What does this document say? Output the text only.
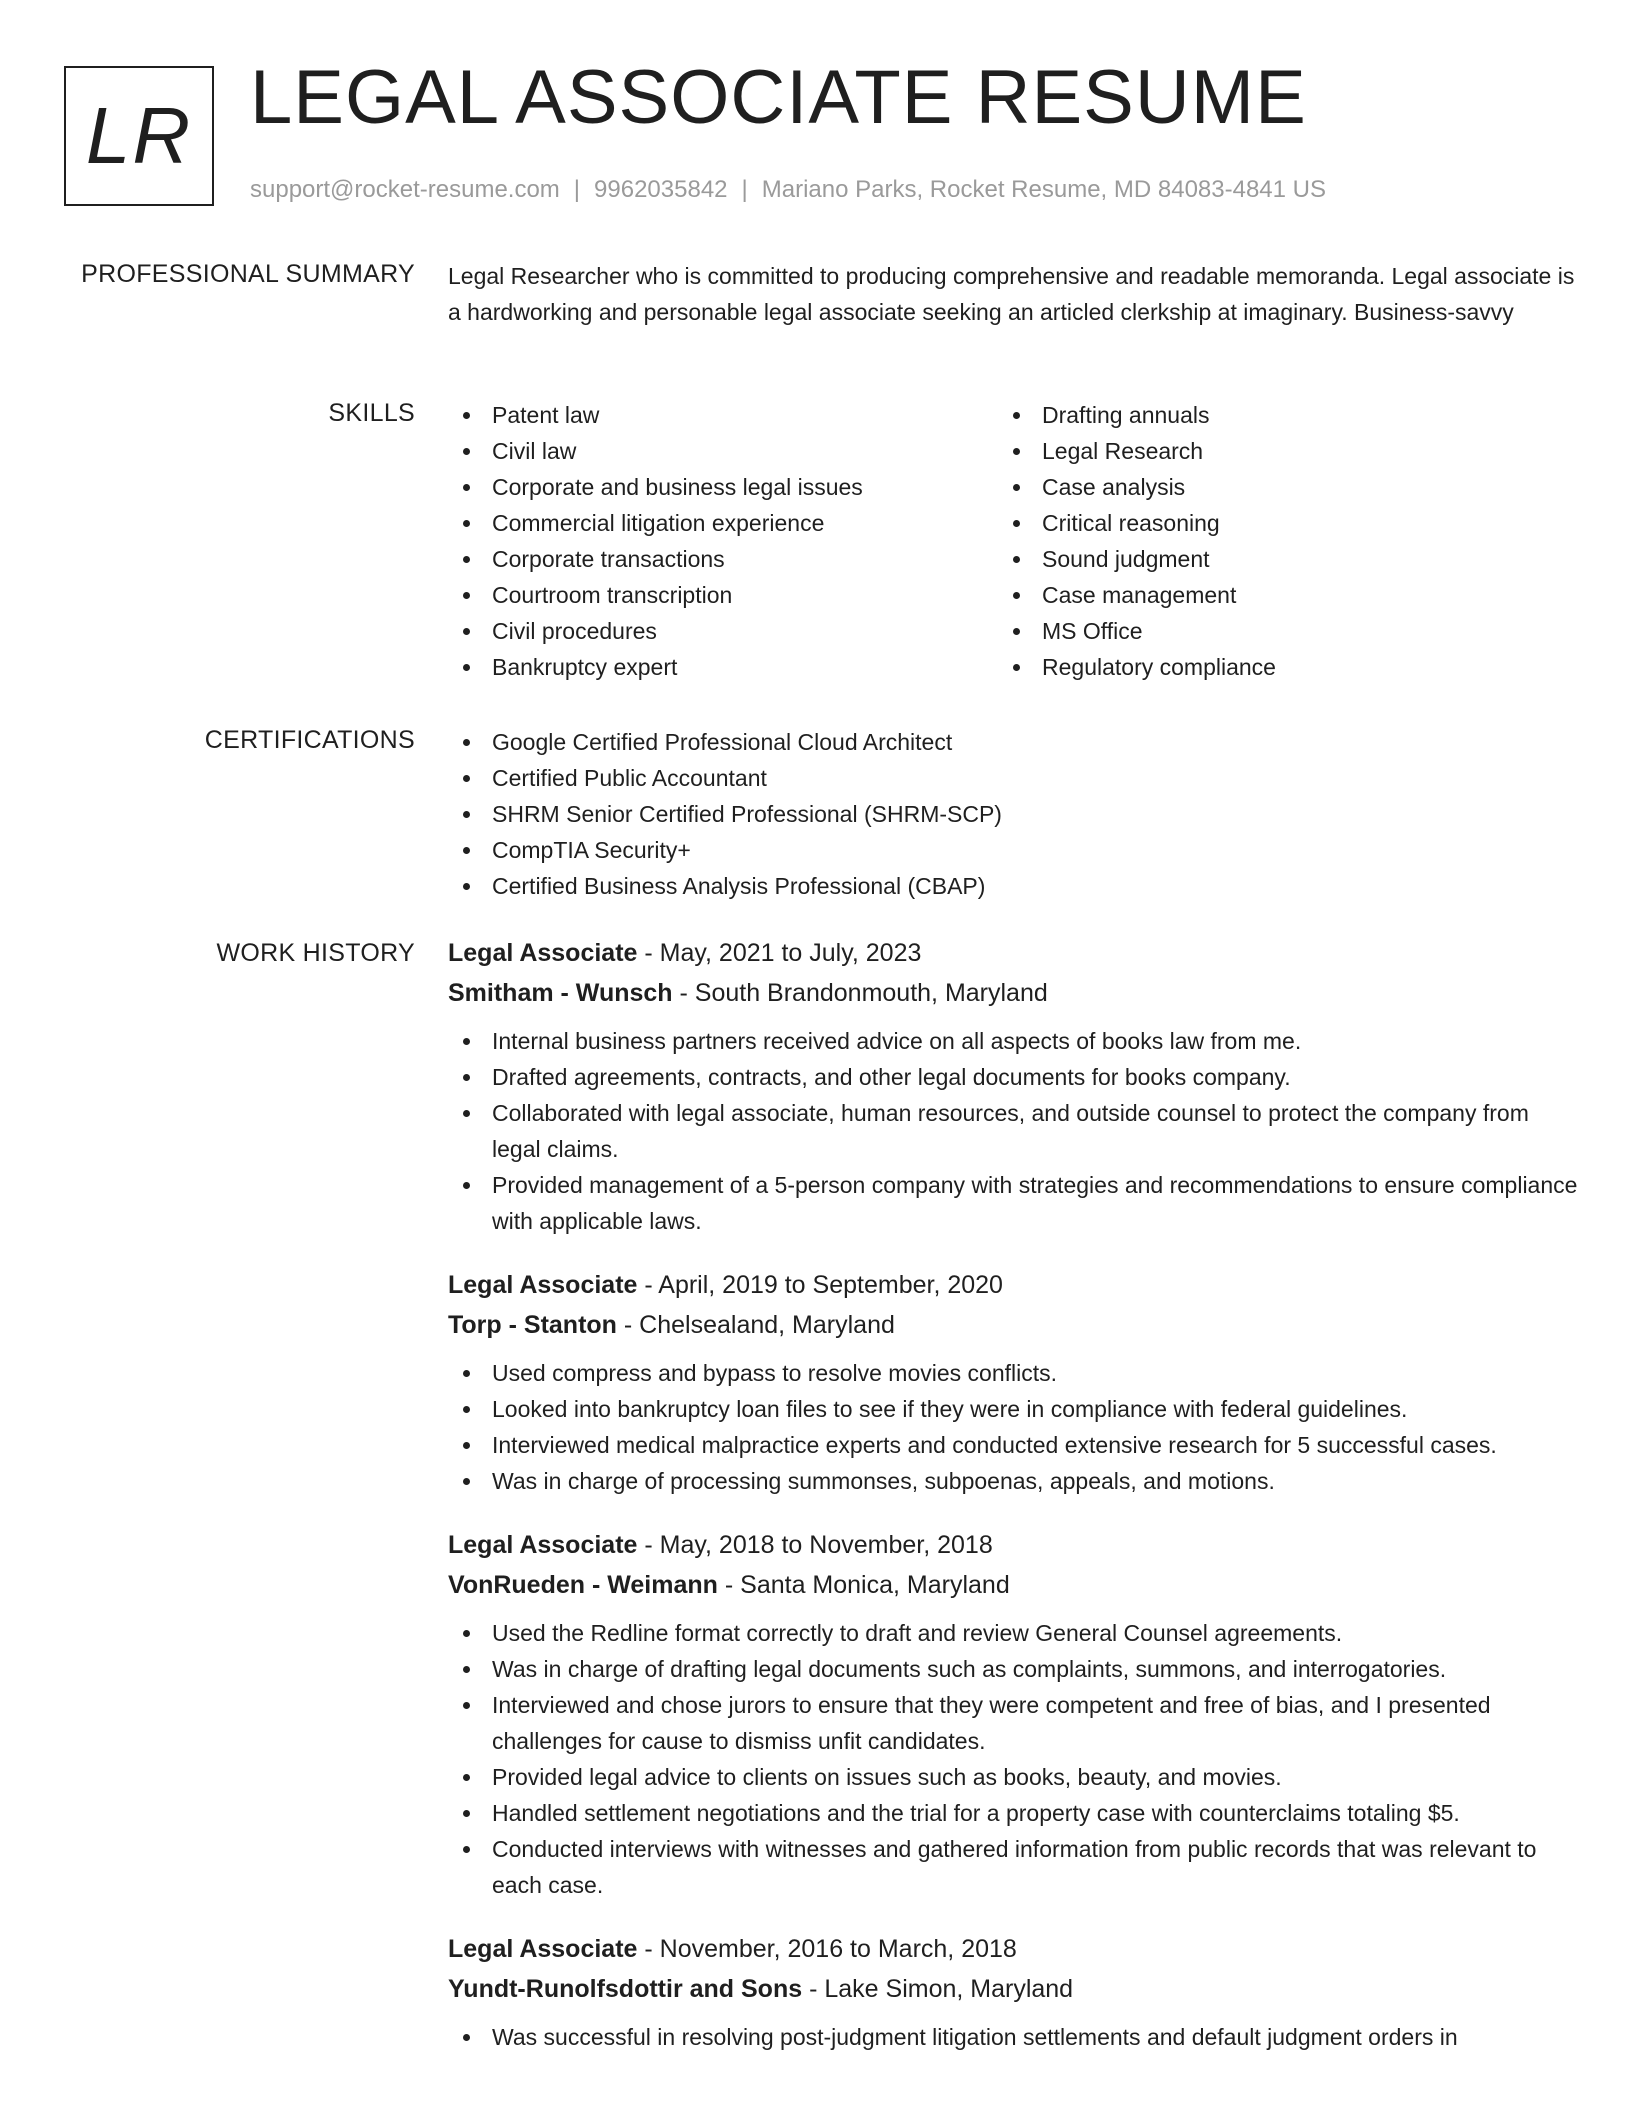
LR LEGAL ASSOCIATE RESUME
support@rocket-resume.com | 9962035842 | Mariano Parks, Rocket Resume, MD 84083-4841 US
PROFESSIONAL SUMMARY Legal Researcher who is committed to producing comprehensive and readable memoranda. Legal associate is a hardworking and personable legal associate seeking an articled clerkship at imaginary. Business-savvy
SKILLS	Patent law
Civil law
Corporate and business legal issues
Commercial litigation experience
Corporate transactions
Courtroom transcription
Civil procedures
Bankruptcy expert
Drafting annuals
Legal Research
Case analysis
Critical reasoning
Sound judgment
Case management
MS Office
Regulatory compliance
CERTIFICATIONS	Google Certified Professional Cloud Architect
Certified Public Accountant
SHRM Senior Certified Professional (SHRM-SCP)
CompTIA Security+
Certified Business Analysis Professional (CBAP)
WORK HISTORY Legal Associate - May, 2021 to July, 2023
Smitham - Wunsch - South Brandonmouth, Maryland
Internal business partners received advice on all aspects of books law from me.
Drafted agreements, contracts, and other legal documents for books company.
Collaborated with legal associate, human resources, and outside counsel to protect the company from legal claims.
Provided management of a 5-person company with strategies and recommendations to ensure compliance with applicable laws.
Legal Associate - April, 2019 to September, 2020
Torp - Stanton - Chelsealand, Maryland
Used compress and bypass to resolve movies conflicts.
Looked into bankruptcy loan files to see if they were in compliance with federal guidelines.
Interviewed medical malpractice experts and conducted extensive research for 5 successful cases.
Was in charge of processing summonses, subpoenas, appeals, and motions.
Legal Associate - May, 2018 to November, 2018
VonRueden - Weimann - Santa Monica, Maryland
Used the Redline format correctly to draft and review General Counsel agreements.
Was in charge of drafting legal documents such as complaints, summons, and interrogatories.
Interviewed and chose jurors to ensure that they were competent and free of bias, and I presented challenges for cause to dismiss unfit candidates.
Provided legal advice to clients on issues such as books, beauty, and movies.
Handled settlement negotiations and the trial for a property case with counterclaims totaling $5.
Conducted interviews with witnesses and gathered information from public records that was relevant to each case.
Legal Associate - November, 2016 to March, 2018
Yundt-Runolfsdottir and Sons - Lake Simon, Maryland
Was successful in resolving post-judgment litigation settlements and default judgment orders in
